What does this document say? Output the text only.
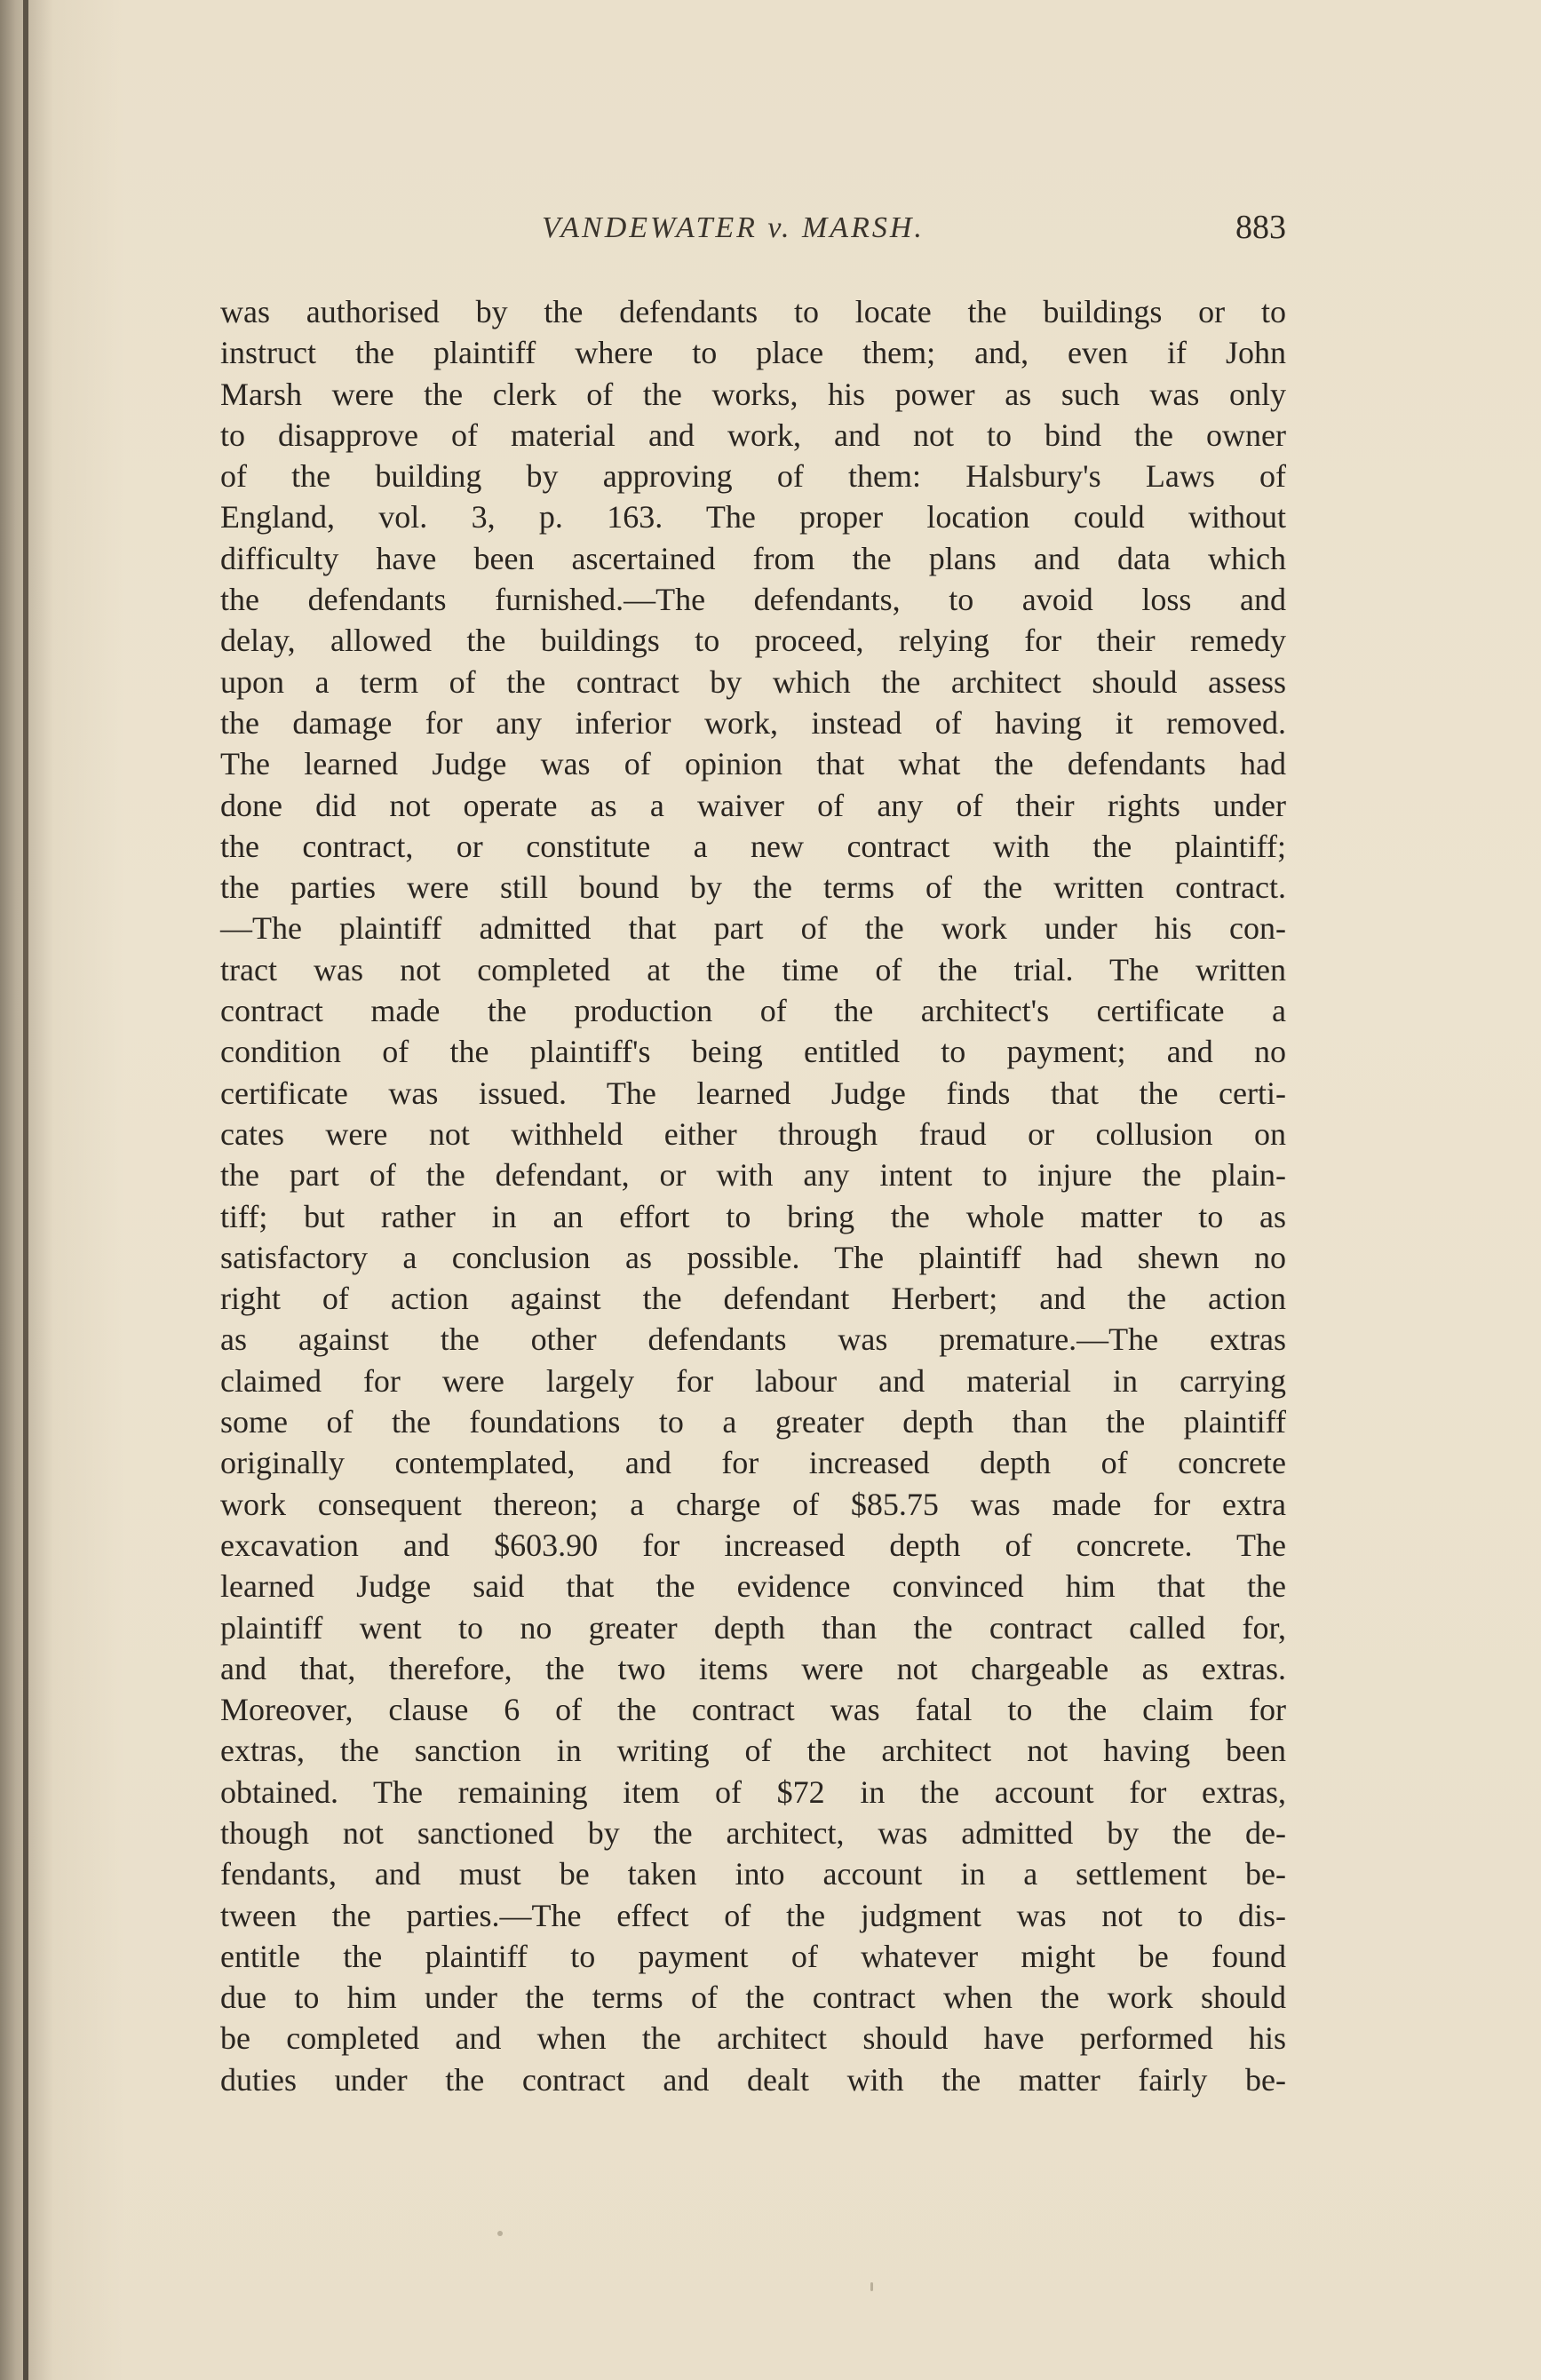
VANDEWATER v. MARSH.	883
was authorised by the defendants to locate the buildings or to
instruct the plaintiff where to place them; and, even if John
Marsh were the clerk of the works, his power as such was only
to disapprove of material and work, and not to bind the owner
of the building by approving of them: Halsbury's Laws of
England, vol. 3, p. 163. The proper location could without
difficulty have been ascertained from the plans and data which
the defendants furnished.—The defendants, to avoid loss and
delay, allowed the buildings to proceed, relying for their remedy
upon a term of the contract by which the architect should assess
the damage for any inferior work, instead of having it removed.
The learned Judge was of opinion that what the defendants had
done did not operate as a waiver of any of their rights under
the contract, or constitute a new contract with the plaintiff;
the parties were still bound by the terms of the written contract.
—The plaintiff admitted that part of the work under his con-
tract was not completed at the time of the trial. The written
contract made the production of the architect's certificate a
condition of the plaintiff's being entitled to payment; and no
certificate was issued. The learned Judge finds that the certi-
cates were not withheld either through fraud or collusion on
the part of the defendant, or with any intent to injure the plain-
tiff; but rather in an effort to bring the whole matter to as
satisfactory a conclusion as possible. The plaintiff had shewn no
right of action against the defendant Herbert; and the action
as against the other defendants was premature.—The extras
claimed for were largely for labour and material in carrying
some of the foundations to a greater depth than the plaintiff
originally contemplated, and for increased depth of concrete
work consequent thereon; a charge of $85.75 was made for extra
excavation and $603.90 for increased depth of concrete. The
learned Judge said that the evidence convinced him that the
plaintiff went to no greater depth than the contract called for,
and that, therefore, the two items were not chargeable as extras.
Moreover, clause 6 of the contract was fatal to the claim for
extras, the sanction in writing of the architect not having been
obtained. The remaining item of $72 in the account for extras,
though not sanctioned by the architect, was admitted by the de-
fendants, and must be taken into account in a settlement be-
tween the parties.—The effect of the judgment was not to dis-
entitle the plaintiff to payment of whatever might be found
due to him under the terms of the contract when the work should
be completed and when the architect should have performed his
duties under the contract and dealt with the matter fairly be-
